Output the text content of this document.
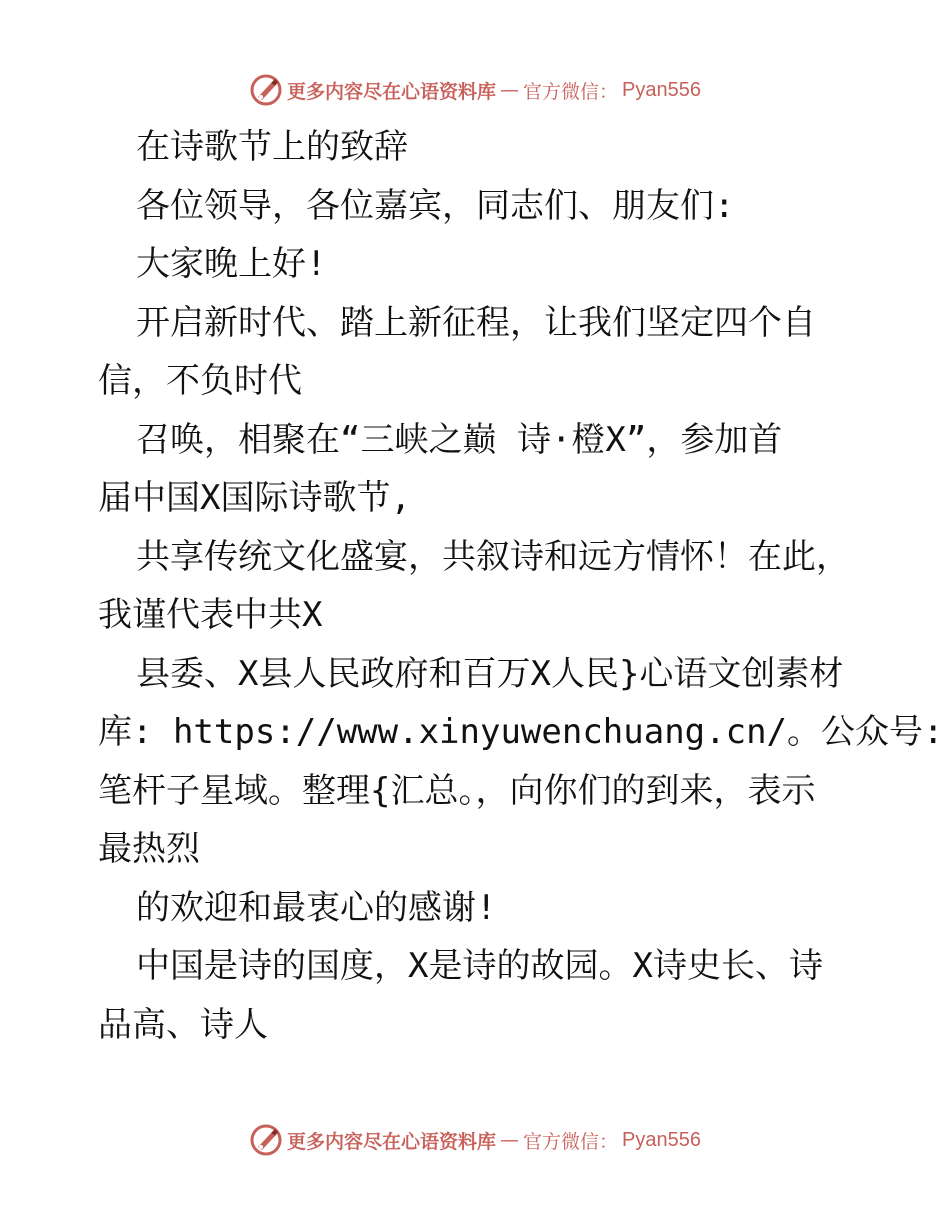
更多内容尽在心语资料库 — 官方微信： Pyan556
在诗歌节上的致辞
各位领导，各位嘉宾，同志们、朋友们:
大家晚上好!
开启新时代、踏上新征程，让我们坚定四个自
信，不负时代
召唤，相聚在“三峡之巅 诗·橙X”，参加首
届中国X国际诗歌节,
共享传统文化盛宴，共叙诗和远方情怀！在此，
我谨代表中共X
县委、X县人民政府和百万X人民}心语文创素材
库: https://www.xinyuwenchuang.cn/。公众号:
笔杆子星域。整理{汇总。，向你们的到来，表示
最热烈
的欢迎和最衷心的感谢!
中国是诗的国度，X是诗的故园。X诗史长、诗
品高、诗人
更多内容尽在心语资料库 — 官方微信： Pyan556
